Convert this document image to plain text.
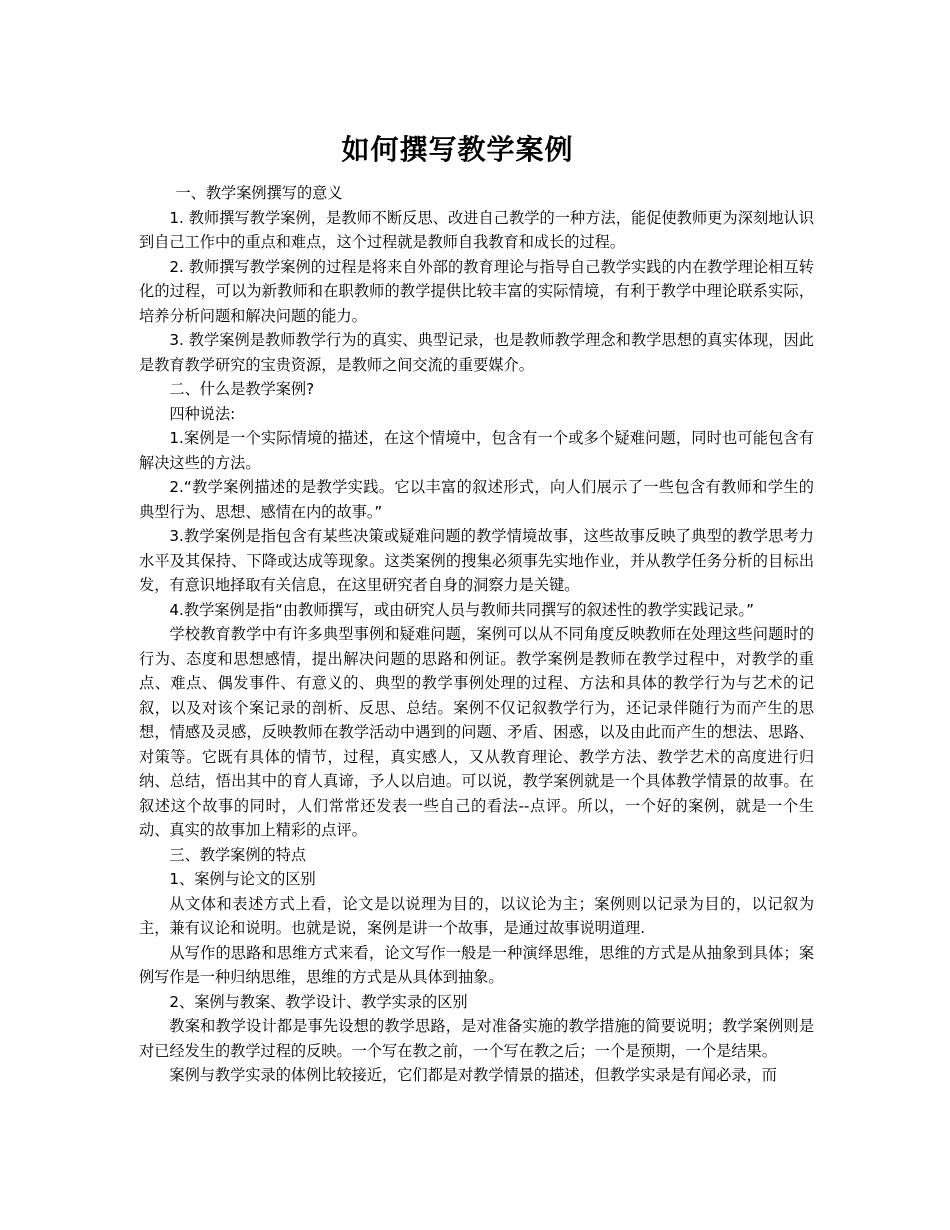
如何撰写教学案例

一、教学案例撰写的意义

1. 教师撰写教学案例，是教师不断反思、改进自己教学的一种方法，能促使教师更为深刻地认识到自己工作中的重点和难点，这个过程就是教师自我教育和成长的过程。

2. 教师撰写教学案例的过程是将来自外部的教育理论与指导自己教学实践的内在教学理论相互转化的过程，可以为新教师和在职教师的教学提供比较丰富的实际情境，有利于教学中理论联系实际，培养分析问题和解决问题的能力。

3. 教学案例是教师教学行为的真实、典型记录，也是教师教学理念和教学思想的真实体现，因此是教育教学研究的宝贵资源，是教师之间交流的重要媒介。

二、什么是教学案例?

四种说法:

1.案例是一个实际情境的描述，在这个情境中，包含有一个或多个疑难问题，同时也可能包含有解决这些的方法。

2.“教学案例描述的是教学实践。它以丰富的叙述形式，向人们展示了一些包含有教师和学生的典型行为、思想、感情在内的故事。”

3.教学案例是指包含有某些决策或疑难问题的教学情境故事，这些故事反映了典型的教学思考力水平及其保持、下降或达成等现象。这类案例的搜集必须事先实地作业，并从教学任务分析的目标出发，有意识地择取有关信息，在这里研究者自身的洞察力是关键。

4.教学案例是指“由教师撰写，或由研究人员与教师共同撰写的叙述性的教学实践记录。”

学校教育教学中有许多典型事例和疑难问题，案例可以从不同角度反映教师在处理这些问题时的行为、态度和思想感情，提出解决问题的思路和例证。教学案例是教师在教学过程中，对教学的重点、难点、偶发事件、有意义的、典型的教学事例处理的过程、方法和具体的教学行为与艺术的记叙，以及对该个案记录的剖析、反思、总结。案例不仅记叙教学行为，还记录伴随行为而产生的思想，情感及灵感，反映教师在教学活动中遇到的问题、矛盾、困惑，以及由此而产生的想法、思路、对策等。它既有具体的情节，过程，真实感人，又从教育理论、教学方法、教学艺术的高度进行归纳、总结，悟出其中的育人真谛，予人以启迪。可以说，教学案例就是一个具体教学情景的故事。在叙述这个故事的同时，人们常常还发表一些自己的看法--点评。所以，一个好的案例，就是一个生动、真实的故事加上精彩的点评。

三、教学案例的特点

1、案例与论文的区别

从文体和表述方式上看，论文是以说理为目的，以议论为主；案例则以记录为目的，以记叙为主，兼有议论和说明。也就是说，案例是讲一个故事，是通过故事说明道理.

从写作的思路和思维方式来看，论文写作一般是一种演绎思维，思维的方式是从抽象到具体；案例写作是一种归纳思维，思维的方式是从具体到抽象。

2、案例与教案、教学设计、教学实录的区别

教案和教学设计都是事先设想的教学思路，是对准备实施的教学措施的简要说明；教学案例则是对已经发生的教学过程的反映。一个写在教之前，一个写在教之后；一个是预期，一个是结果。

案例与教学实录的体例比较接近，它们都是对教学情景的描述，但教学实录是有闻必录，而
